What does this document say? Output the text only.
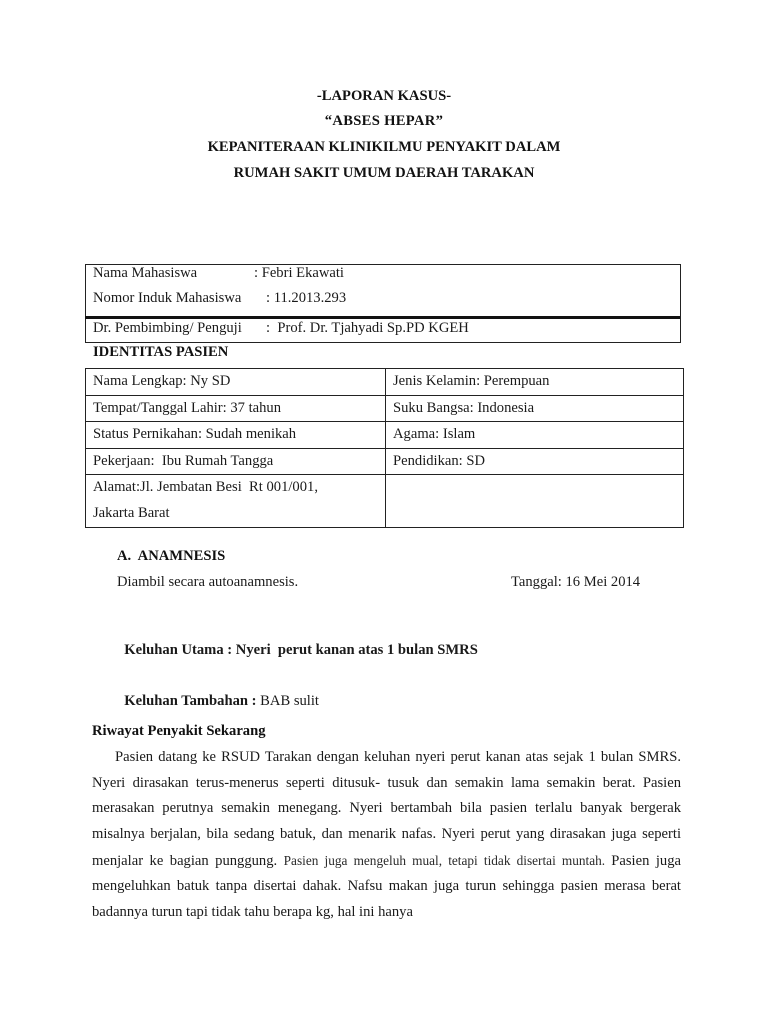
-LAPORAN KASUS-
“ABSES HEPAR”
KEPANITERAAN KLINIKILMU PENYAKIT DALAM
RUMAH SAKIT UMUM DAERAH TARAKAN
Nama Mahasiswa	: Febri Ekawati
Nomor Induk Mahasiswa : 11.2013.293
Dr. Pembimbing/ Penguji :  Prof. Dr. Tjahyadi Sp.PD KGEH
IDENTITAS PASIEN
Nama Lengkap: Ny SD	Jenis Kelamin: Perempuan
Tempat/Tanggal Lahir: 37 tahun	Suku Bangsa: Indonesia
Status Pernikahan: Sudah menikah	Agama: Islam
Pekerjaan:  Ibu Rumah Tangga	Pendidikan: SD

Alamat:Jl. Jembatan Besi  Rt 001/001,
Jakarta Barat	

A.  ANAMNESIS
Diambil secara autoanamnesis.	Tanggal: 16 Mei 2014

Keluhan Utama : Nyeri  perut kanan atas 1 bulan SMRS

Keluhan Tambahan : BAB sulit

Riwayat Penyakit Sekarang
Pasien datang ke RSUD Tarakan dengan keluhan nyeri perut kanan atas sejak 1 bulan SMRS. Nyeri dirasakan terus-menerus seperti ditusuk- tusuk dan semakin lama semakin berat. Pasien merasakan perutnya semakin menegang. Nyeri bertambah bila pasien terlalu banyak bergerak misalnya berjalan, bila sedang batuk, dan menarik nafas. Nyeri perut yang dirasakan juga seperti menjalar ke bagian punggung. Pasien juga mengeluh mual, tetapi tidak disertai muntah. Pasien juga mengeluhkan batuk tanpa disertai dahak. Nafsu makan juga turun sehingga pasien merasa berat badannya turun tapi tidak tahu berapa kg, hal ini hanya
